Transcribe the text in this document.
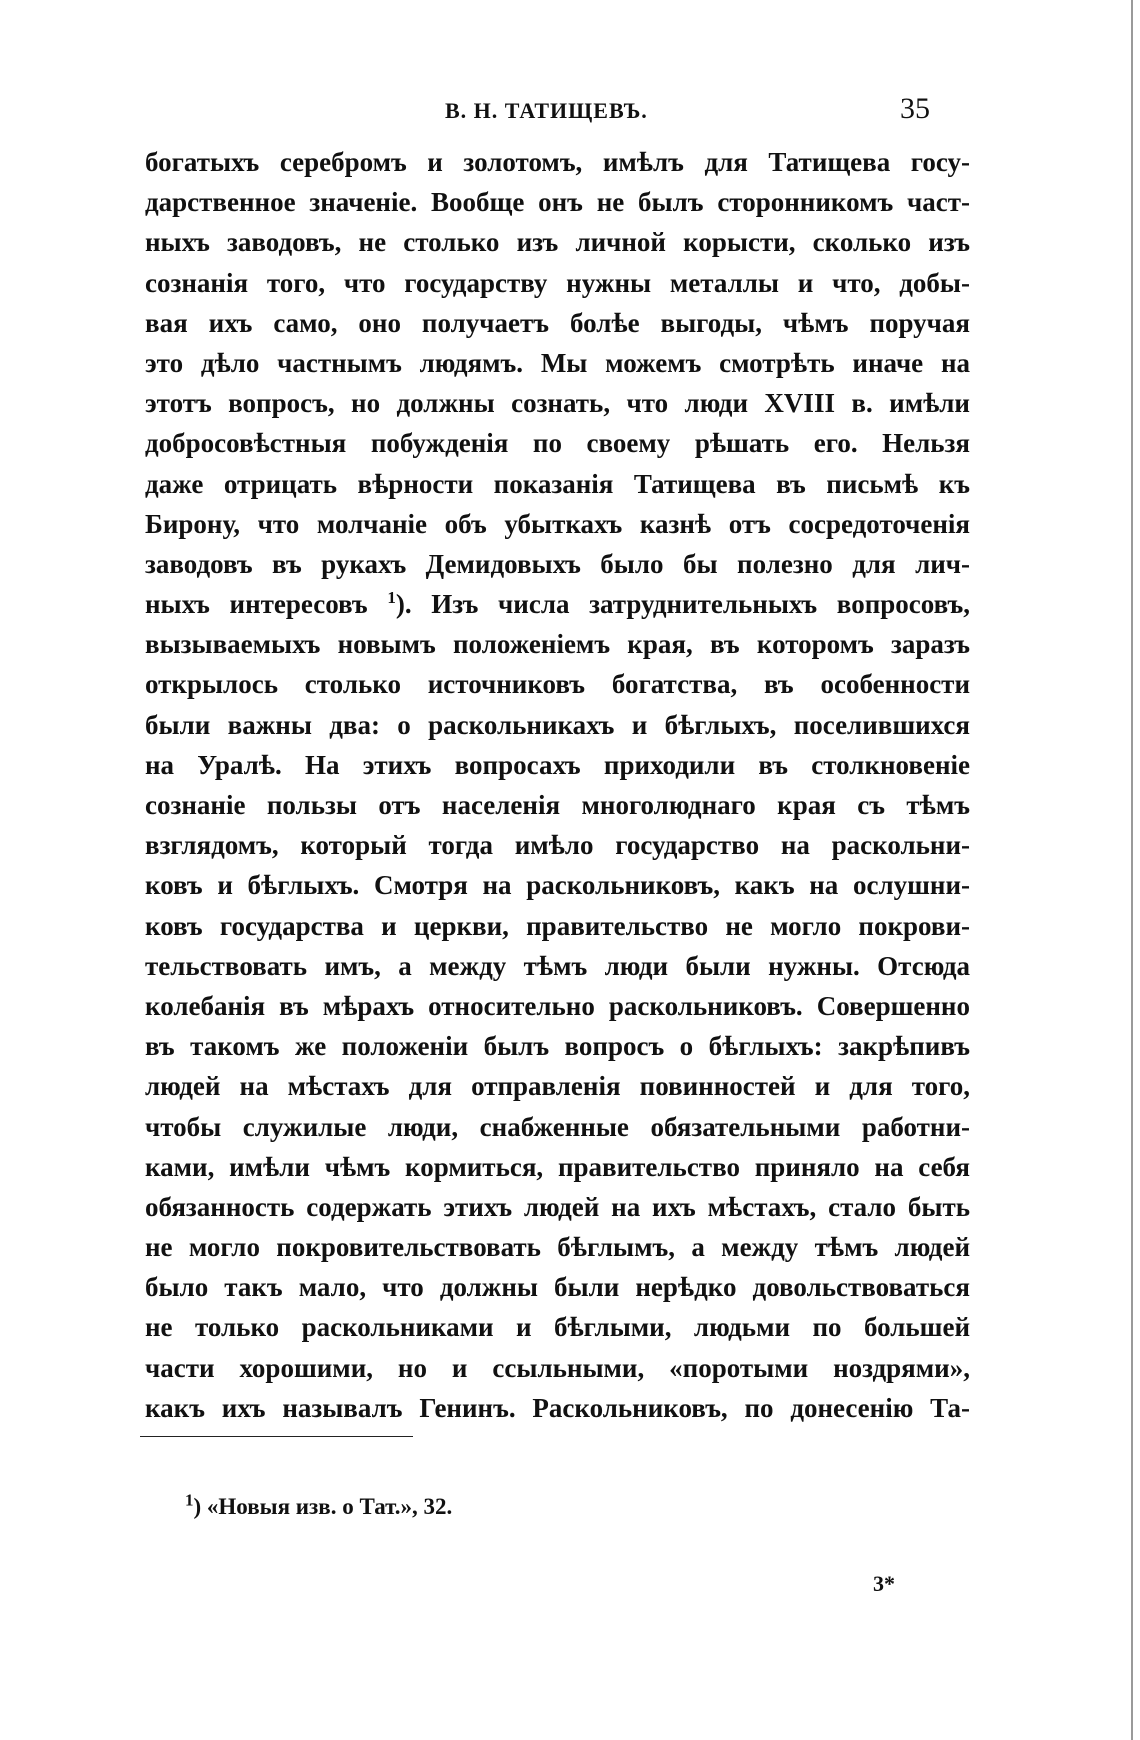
В. Н. ТАТИЩЕВЪ.	35
богатыхъ серебромъ и золотомъ, имѣлъ для Татищева госу-
дарственное значеніе. Вообще онъ не былъ сторонникомъ част-
ныхъ заводовъ, не столько изъ личной корысти, сколько изъ
сознанія того, что государству нужны металлы и что, добы-
вая ихъ само, оно получаетъ болѣе выгоды, чѣмъ поручая
это дѣло частнымъ людямъ. Мы можемъ смотрѣть иначе на
этотъ вопросъ, но должны сознать, что люди XVIII в. имѣли
добросовѣстныя побужденія по своему рѣшать его. Нельзя
даже отрицать вѣрности показанія Татищева въ письмѣ къ
Бирону, что молчаніе объ убыткахъ казнѣ отъ сосредоточенія
заводовъ въ рукахъ Демидовыхъ было бы полезно для лич-
ныхъ интересовъ $^1$). Изъ числа затруднительныхъ вопросовъ,
вызываемыхъ новымъ положеніемъ края, въ которомъ заразъ
открылось столько источниковъ богатства, въ особенности
были важны два: о раскольникахъ и бѣглыхъ, поселившихся
на Уралѣ. На этихъ вопросахъ приходили въ столкновеніе
сознаніе пользы отъ населенія многолюднаго края съ тѣмъ
взглядомъ, который тогда имѣло государство на раскольни-
ковъ и бѣглыхъ. Смотря на раскольниковъ, какъ на ослушни-
ковъ государства и церкви, правительство не могло покрови-
тельствовать имъ, а между тѣмъ люди были нужны. Отсюда
колебанія въ мѣрахъ относительно раскольниковъ. Совершенно
въ такомъ же положеніи былъ вопросъ о бѣглыхъ: закрѣпивъ
людей на мѣстахъ для отправленія повинностей и для того,
чтобы служилые люди, снабженные обязательными работни-
ками, имѣли чѣмъ кормиться, правительство приняло на себя
обязанность содержать этихъ людей на ихъ мѣстахъ, стало быть
не могло покровительствовать бѣглымъ, а между тѣмъ людей
было такъ мало, что должны были нерѣдко довольствоваться
не только раскольниками и бѣглыми, людьми по большей
части хорошими, но и ссыльными, «поротыми ноздрями»,
какъ ихъ называлъ Генинъ. Раскольниковъ, по донесенію Та-
$^1$) «Новыя изв. о Тат.», 32.
3*
